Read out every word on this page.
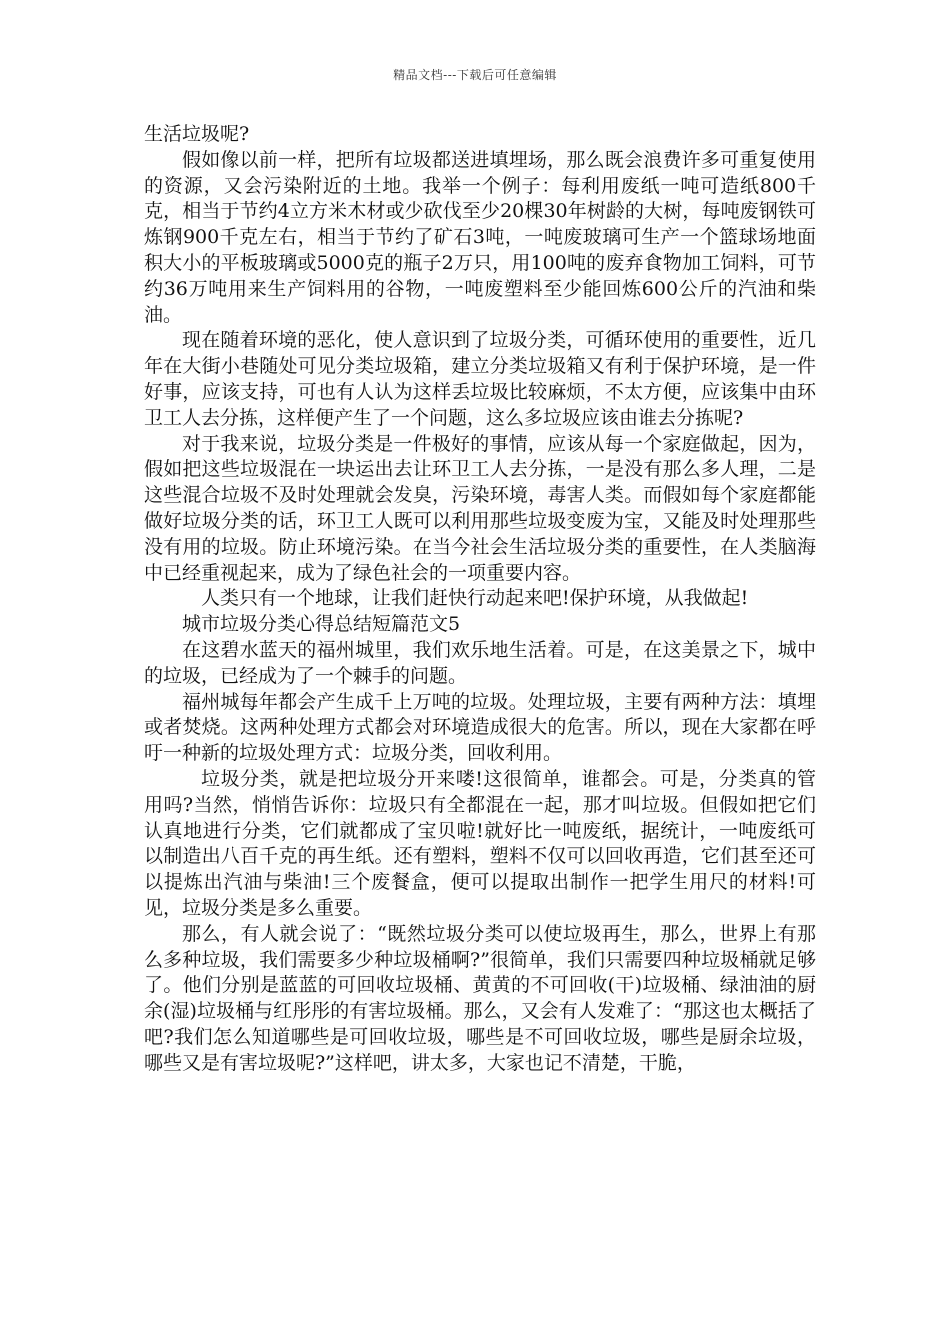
精品文档---下载后可任意编辑

生活垃圾呢?

假如像以前一样，把所有垃圾都送进填埋场，那么既会浪费许多可重复使用的资源，又会污染附近的土地。我举一个例子：每利用废纸一吨可造纸800千克，相当于节约4立方米木材或少砍伐至少20棵30年树龄的大树，每吨废钢铁可炼钢900千克左右，相当于节约了矿石3吨，一吨废玻璃可生产一个篮球场地面积大小的平板玻璃或5000克的瓶子2万只，用100吨的废弃食物加工饲料，可节约36万吨用来生产饲料用的谷物，一吨废塑料至少能回炼600公斤的汽油和柴油。

现在随着环境的恶化，使人意识到了垃圾分类，可循环使用的重要性，近几年在大街小巷随处可见分类垃圾箱，建立分类垃圾箱又有利于保护环境，是一件好事，应该支持，可也有人认为这样丢垃圾比较麻烦，不太方便，应该集中由环卫工人去分拣，这样便产生了一个问题，这么多垃圾应该由谁去分拣呢?

对于我来说，垃圾分类是一件极好的事情，应该从每一个家庭做起，因为，假如把这些垃圾混在一块运出去让环卫工人去分拣，一是没有那么多人理，二是这些混合垃圾不及时处理就会发臭，污染环境，毒害人类。而假如每个家庭都能做好垃圾分类的话，环卫工人既可以利用那些垃圾变废为宝，又能及时处理那些没有用的垃圾。防止环境污染。在当今社会生活垃圾分类的重要性，在人类脑海中已经重视起来，成为了绿色社会的一项重要内容。

人类只有一个地球，让我们赶快行动起来吧!保护环境，从我做起!

城市垃圾分类心得总结短篇范文5

在这碧水蓝天的福州城里，我们欢乐地生活着。可是，在这美景之下，城中的垃圾，已经成为了一个棘手的问题。

福州城每年都会产生成千上万吨的垃圾。处理垃圾，主要有两种方法：填埋或者焚烧。这两种处理方式都会对环境造成很大的危害。所以，现在大家都在呼吁一种新的垃圾处理方式：垃圾分类，回收利用。

垃圾分类，就是把垃圾分开来喽!这很简单，谁都会。可是，分类真的管用吗?当然，悄悄告诉你：垃圾只有全都混在一起，那才叫垃圾。但假如把它们认真地进行分类，它们就都成了宝贝啦!就好比一吨废纸，据统计，一吨废纸可以制造出八百千克的再生纸。还有塑料，塑料不仅可以回收再造，它们甚至还可以提炼出汽油与柴油!三个废餐盒，便可以提取出制作一把学生用尺的材料!可见，垃圾分类是多么重要。

那么，有人就会说了：“既然垃圾分类可以使垃圾再生，那么，世界上有那么多种垃圾，我们需要多少种垃圾桶啊?”很简单，我们只需要四种垃圾桶就足够了。他们分别是蓝蓝的可回收垃圾桶、黄黄的不可回收(干)垃圾桶、绿油油的厨余(湿)垃圾桶与红彤彤的有害垃圾桶。那么，又会有人发难了：“那这也太概括了吧?我们怎么知道哪些是可回收垃圾，哪些是不可回收垃圾，哪些是厨余垃圾，哪些又是有害垃圾呢?”这样吧，讲太多，大家也记不清楚，干脆，
